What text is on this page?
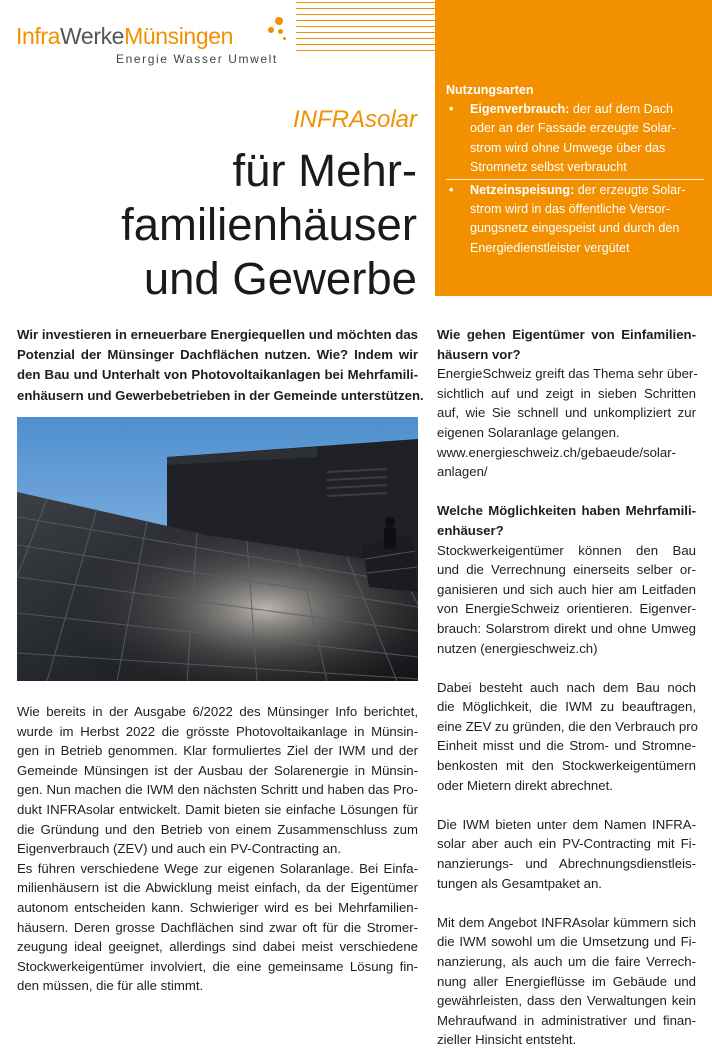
InfraWerkeMünsingen
Energie Wasser Umwelt
Nutzungsarten
• Eigenverbrauch: der auf dem Dach
oder an der Fassade erzeugte Solar-
strom wird ohne Umwege über das
Stromnetz selbst verbraucht
• Netzeinspeisung: der erzeugte Solar-
strom wird in das öffentliche Versor-
gungsnetz eingespeist und durch den
Energiedienstleister vergütet
INFRAsolar
für Mehr-
familienhäuser
und Gewerbe
Wir investieren in erneuerbare Energiequellen und möchten das
Potenzial der Münsinger Dachflächen nutzen. Wie? Indem wir
den Bau und Unterhalt von Photovoltaikanlagen bei Mehrfamili-
enhäusern und Gewerbebetrieben in der Gemeinde unterstützen.
Wie bereits in der Ausgabe 6/2022 des Münsinger Info berichtet,
wurde im Herbst 2022 die grösste Photovoltaikanlage in Münsin-
gen in Betrieb genommen. Klar formuliertes Ziel der IWM und der
Gemeinde Münsingen ist der Ausbau der Solarenergie in Münsin-
gen. Nun machen die IWM den nächsten Schritt und haben das Pro-
dukt INFRAsolar entwickelt. Damit bieten sie einfache Lösungen für
die Gründung und den Betrieb von einem Zusammenschluss zum
Eigenverbrauch (ZEV) und auch ein PV-Contracting an.
Es führen verschiedene Wege zur eigenen Solaranlage. Bei Einfa-
milienhäusern ist die Abwicklung meist einfach, da der Eigentümer
autonom entscheiden kann. Schwieriger wird es bei Mehrfamilien-
häusern. Deren grosse Dachflächen sind zwar oft für die Stromer-
zeugung ideal geeignet, allerdings sind dabei meist verschiedene
Stockwerkeigentümer involviert, die eine gemeinsame Lösung fin-
den müssen, die für alle stimmt.
Wie gehen Eigentümer von Einfamilien-
häusern vor?
EnergieSchweiz greift das Thema sehr über-
sichtlich auf und zeigt in sieben Schritten
auf, wie Sie schnell und unkompliziert zur
eigenen Solaranlage gelangen.
www.energieschweiz.ch/gebaeude/solar-
anlagen/
Welche Möglichkeiten haben Mehrfamili-
enhäuser?
Stockwerkeigentümer können den Bau
und die Verrechnung einerseits selber or-
ganisieren und sich auch hier am Leitfaden
von EnergieSchweiz orientieren. Eigenver-
brauch: Solarstrom direkt und ohne Umweg
nutzen (energieschweiz.ch)
Dabei besteht auch nach dem Bau noch
die Möglichkeit, die IWM zu beauftragen,
eine ZEV zu gründen, die den Verbrauch pro
Einheit misst und die Strom- und Stromne-
benkosten mit den Stockwerkeigentümern
oder Mietern direkt abrechnet.
Die IWM bieten unter dem Namen INFRA-
solar aber auch ein PV-Contracting mit Fi-
nanzierungs- und Abrechnungsdienstleis-
tungen als Gesamtpaket an.
Mit dem Angebot INFRAsolar kümmern sich
die IWM sowohl um die Umsetzung und Fi-
nanzierung, als auch um die faire Verrech-
nung aller Energieflüsse im Gebäude und
gewährleisten, dass den Verwaltungen kein
Mehraufwand in administrativer und finan-
zieller Hinsicht entsteht.
